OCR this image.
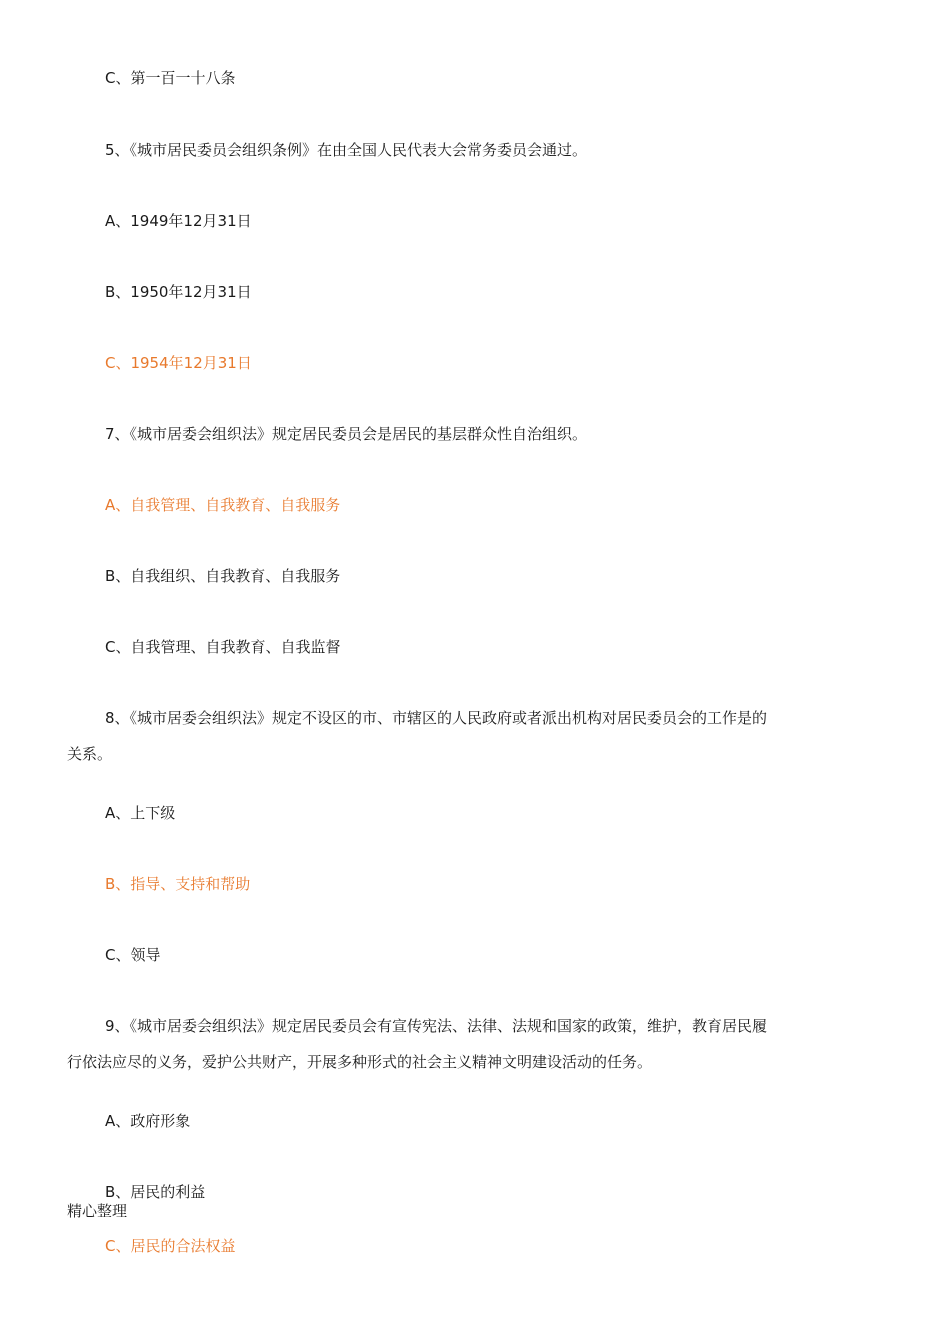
C、第一百一十八条
5、《城市居民委员会组织条例》在由全国人民代表大会常务委员会通过。
A、1949年12月31日
B、1950年12月31日
C、1954年12月31日
7、《城市居委会组织法》规定居民委员会是居民的基层群众性自治组织。
A、自我管理、自我教育、自我服务
B、自我组织、自我教育、自我服务
C、自我管理、自我教育、自我监督
8、《城市居委会组织法》规定不设区的市、市辖区的人民政府或者派出机构对居民委员会的工作是的
关系。
A、上下级
B、指导、支持和帮助
C、领导
9、《城市居委会组织法》规定居民委员会有宣传宪法、法律、法规和国家的政策，维护，教育居民履
行依法应尽的义务，爱护公共财产，开展多种形式的社会主义精神文明建设活动的任务。
A、政府形象
B、居民的利益
精心整理
C、居民的合法权益
